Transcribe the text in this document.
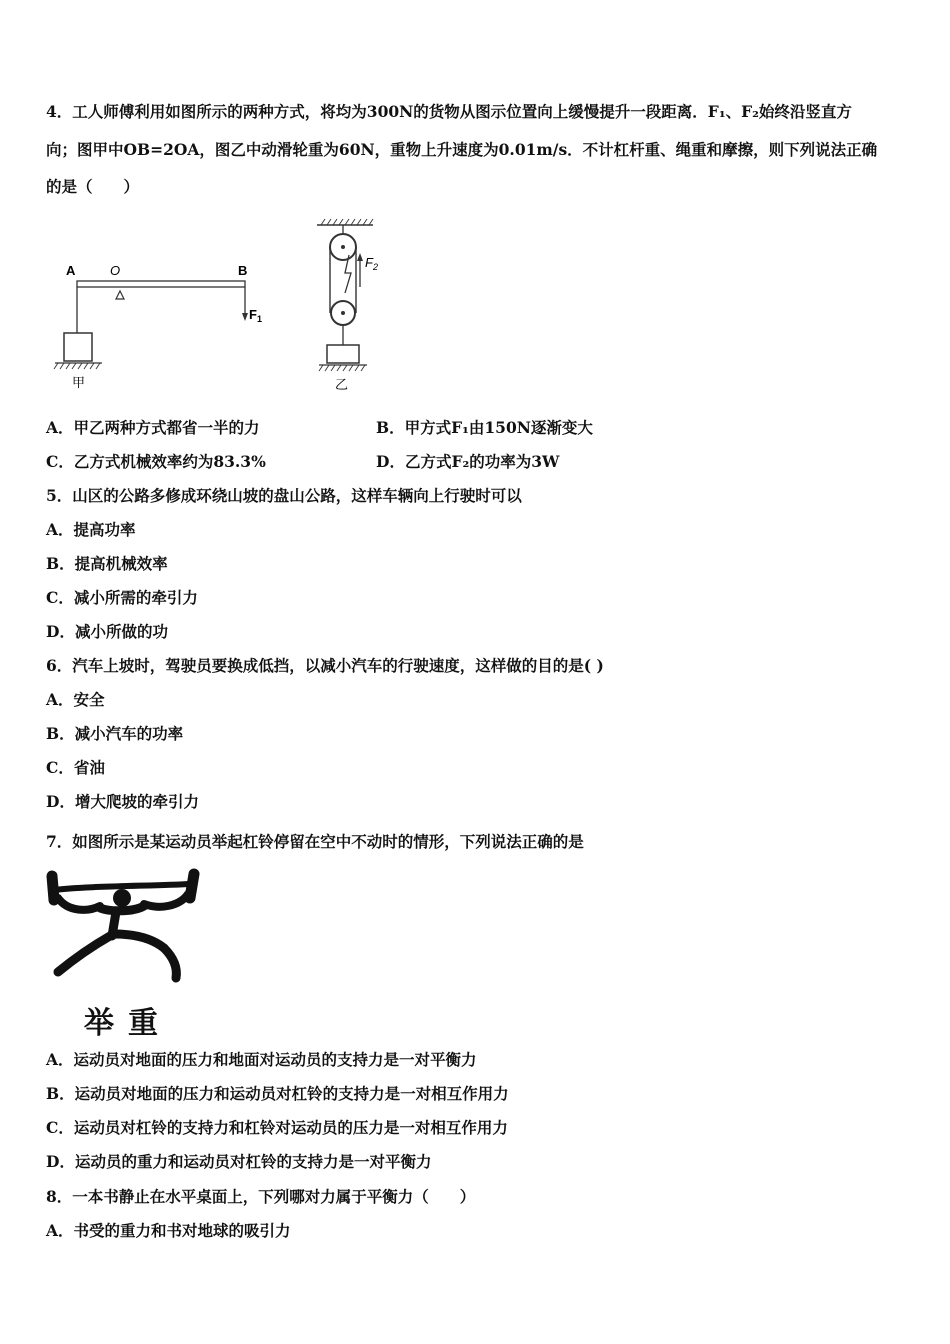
4．工人师傅利用如图所示的两种方式，将均为300N的货物从图示位置向上缓慢提升一段距离．F₁、F₂始终沿竖直方
向；图甲中OB=2OA，图乙中动滑轮重为60N，重物上升速度为0.01m/s．不计杠杆重、绳重和摩擦，则下列说法正确
的是（　　）
A	O	B
$F_1$
甲
$F_2$
乙
A．甲乙两种方式都省一半的力	B．甲方式F₁由150N逐渐变大
C．乙方式机械效率约为83.3%	D．乙方式F₂的功率为3W
5．山区的公路多修成环绕山坡的盘山公路，这样车辆向上行驶时可以
A．提高功率
B．提高机械效率
C．减小所需的牵引力
D．减小所做的功
6．汽车上坡时，驾驶员要换成低挡，以减小汽车的行驶速度，这样做的目的是( )
A．安全
B．减小汽车的功率
C．省油
D．增大爬坡的牵引力
7．如图所示是某运动员举起杠铃停留在空中不动时的情形，下列说法正确的是
举重
A．运动员对地面的压力和地面对运动员的支持力是一对平衡力
B．运动员对地面的压力和运动员对杠铃的支持力是一对相互作用力
C．运动员对杠铃的支持力和杠铃对运动员的压力是一对相互作用力
D．运动员的重力和运动员对杠铃的支持力是一对平衡力
8．一本书静止在水平桌面上，下列哪对力属于平衡力（　　）
A．书受的重力和书对地球的吸引力
